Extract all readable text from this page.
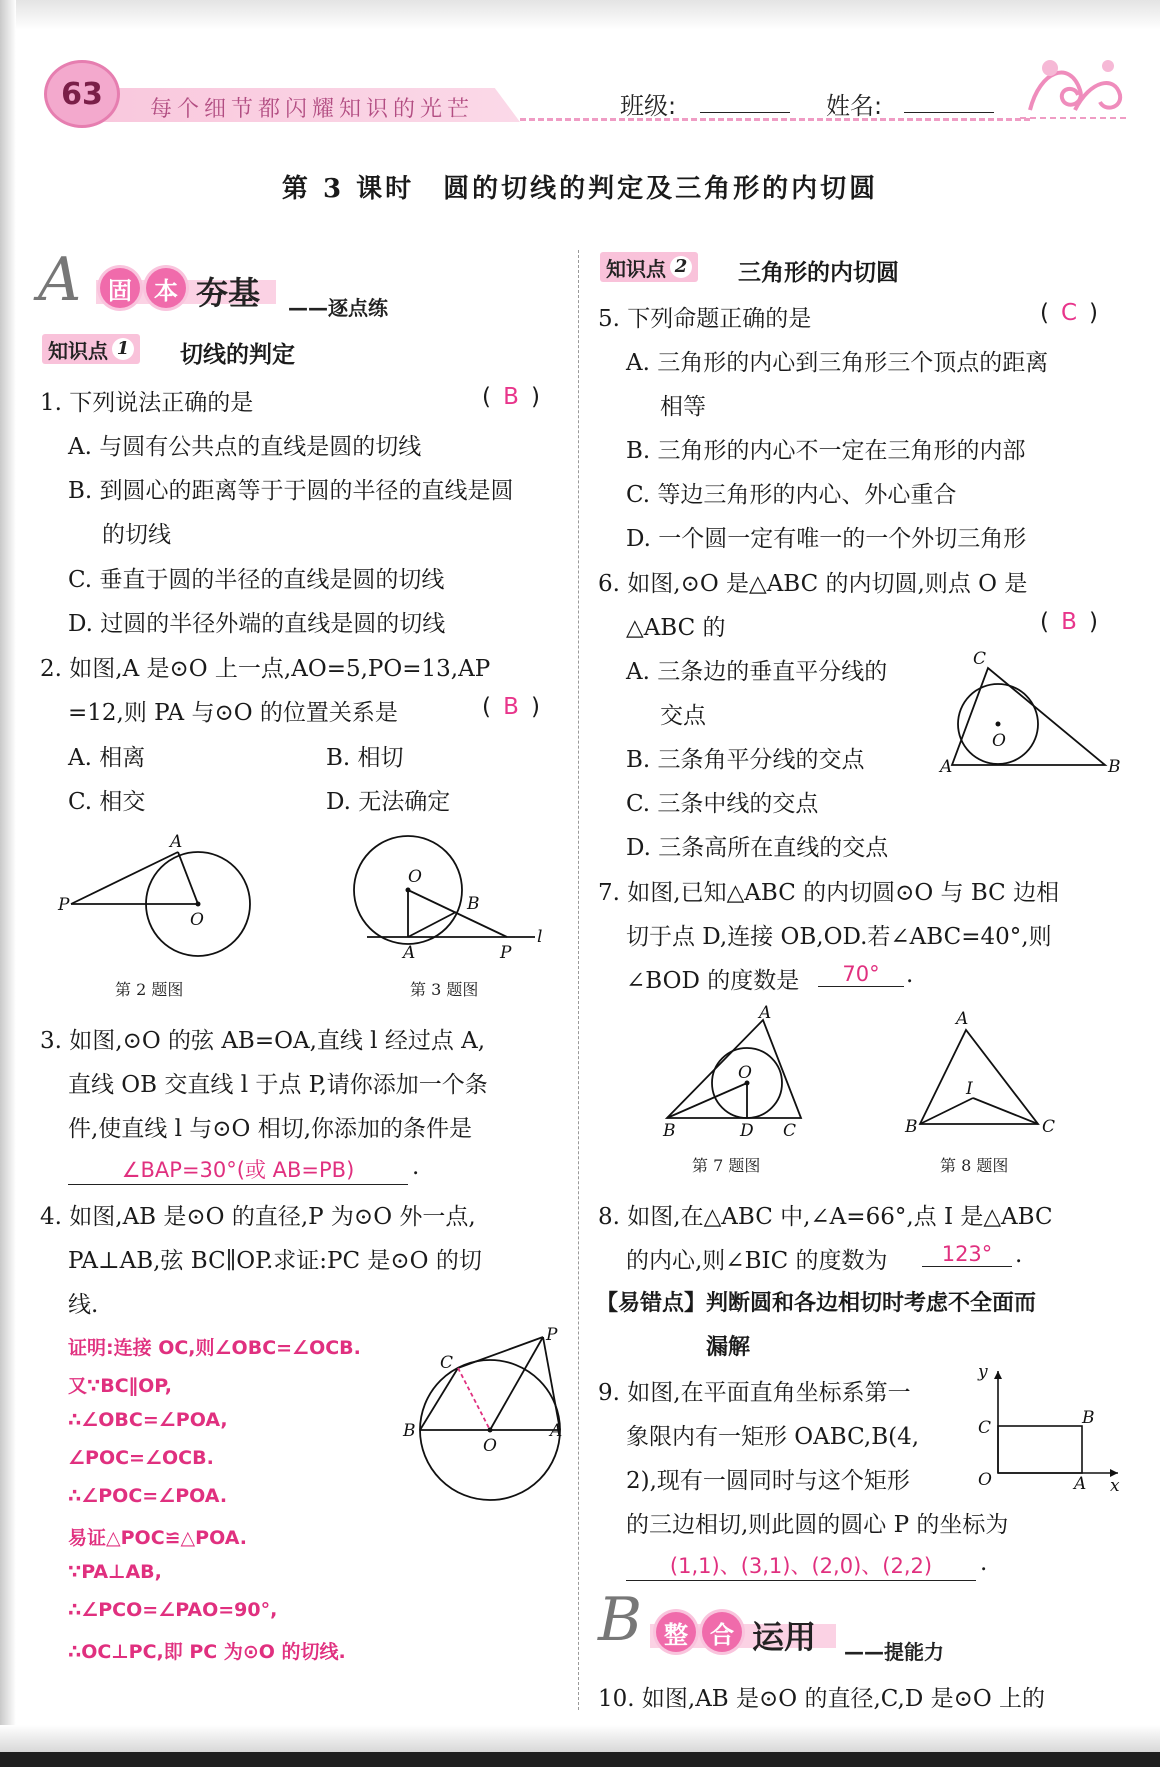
63	每个细节都闪耀知识的光芒	班级:	姓名:
第 3 课时　圆的切线的判定及三角形的内切圆
A	固 本 夯基 ——逐点练
知识点 1 切线的判定
1. 下列说法正确的是	( B )
A. 与圆有公共点的直线是圆的切线
B. 到圆心的距离等于于圆的半径的直线是圆
的切线
C. 垂直于圆的半径的直线是圆的切线
D. 过圆的半径外端的直线是圆的切线
2. 如图,A 是⊙O 上一点,AO=5,PO=13,AP
=12,则 PA 与⊙O 的位置关系是	( B )
A. 相离	B. 相切
C. 相交	D. 无法确定
P
A
O
第 2 题图
O
B
A	P
l
第 3 题图
3. 如图,⊙O 的弦 AB=OA,直线 l 经过点 A,
直线 OB 交直线 l 于点 P,请你添加一个条
件,使直线 l 与⊙O 相切,你添加的条件是
∠BAP=30°(或 AB=PB)	.
4. 如图,AB 是⊙O 的直径,P 为⊙O 外一点,
PA⊥AB,弦 BC∥OP.求证:PC 是⊙O 的切
线.
证明:连接 OC,则∠OBC=∠OCB.
又∵BC∥OP,
∴∠OBC=∠POA,
∠POC=∠OCB.
∴∠POC=∠POA.
易证△POC≌△POA.
∵PA⊥AB,
∴∠PCO=∠PAO=90°,
∴OC⊥PC,即 PC 为⊙O 的切线.
C
P
B
O
A
知识点 2 三角形的内切圆
5. 下列命题正确的是	( C )
A. 三角形的内心到三角形三个顶点的距离
相等
B. 三角形的内心不一定在三角形的内部
C. 等边三角形的内心、外心重合
D. 一个圆一定有唯一的一个外切三角形
6. 如图,⊙O 是△ABC 的内切圆,则点 O 是
△ABC 的	( B )
A. 三条边的垂直平分线的
交点
B. 三条角平分线的交点
C. 三条中线的交点
D. 三条高所在直线的交点
C
A	B
O
7. 如图,已知△ABC 的内切圆⊙O 与 BC 边相
切于点 D,连接 OB,OD.若∠ABC=40°,则
∠BOD 的度数是	70°	.
A
B	D C
O
第 7 题图
A
B	C
I
第 8 题图
8. 如图,在△ABC 中,∠A=66°,点 I 是△ABC
的内心,则∠BIC 的度数为	123° .
【易错点】判断圆和各边相切时考虑不全面而
漏解
9. 如图,在平面直角坐标系第一
象限内有一矩形 OABC,B(4,
2),现有一圆同时与这个矩形
的三边相切,则此圆的圆心 P 的坐标为
(1,1)、(3,1)、(2,0)、(2,2)	.
y
x
C	B
O	A
B 整 合 运用 ——提能力
10. 如图,AB 是⊙O 的直径,C,D 是⊙O 上的
